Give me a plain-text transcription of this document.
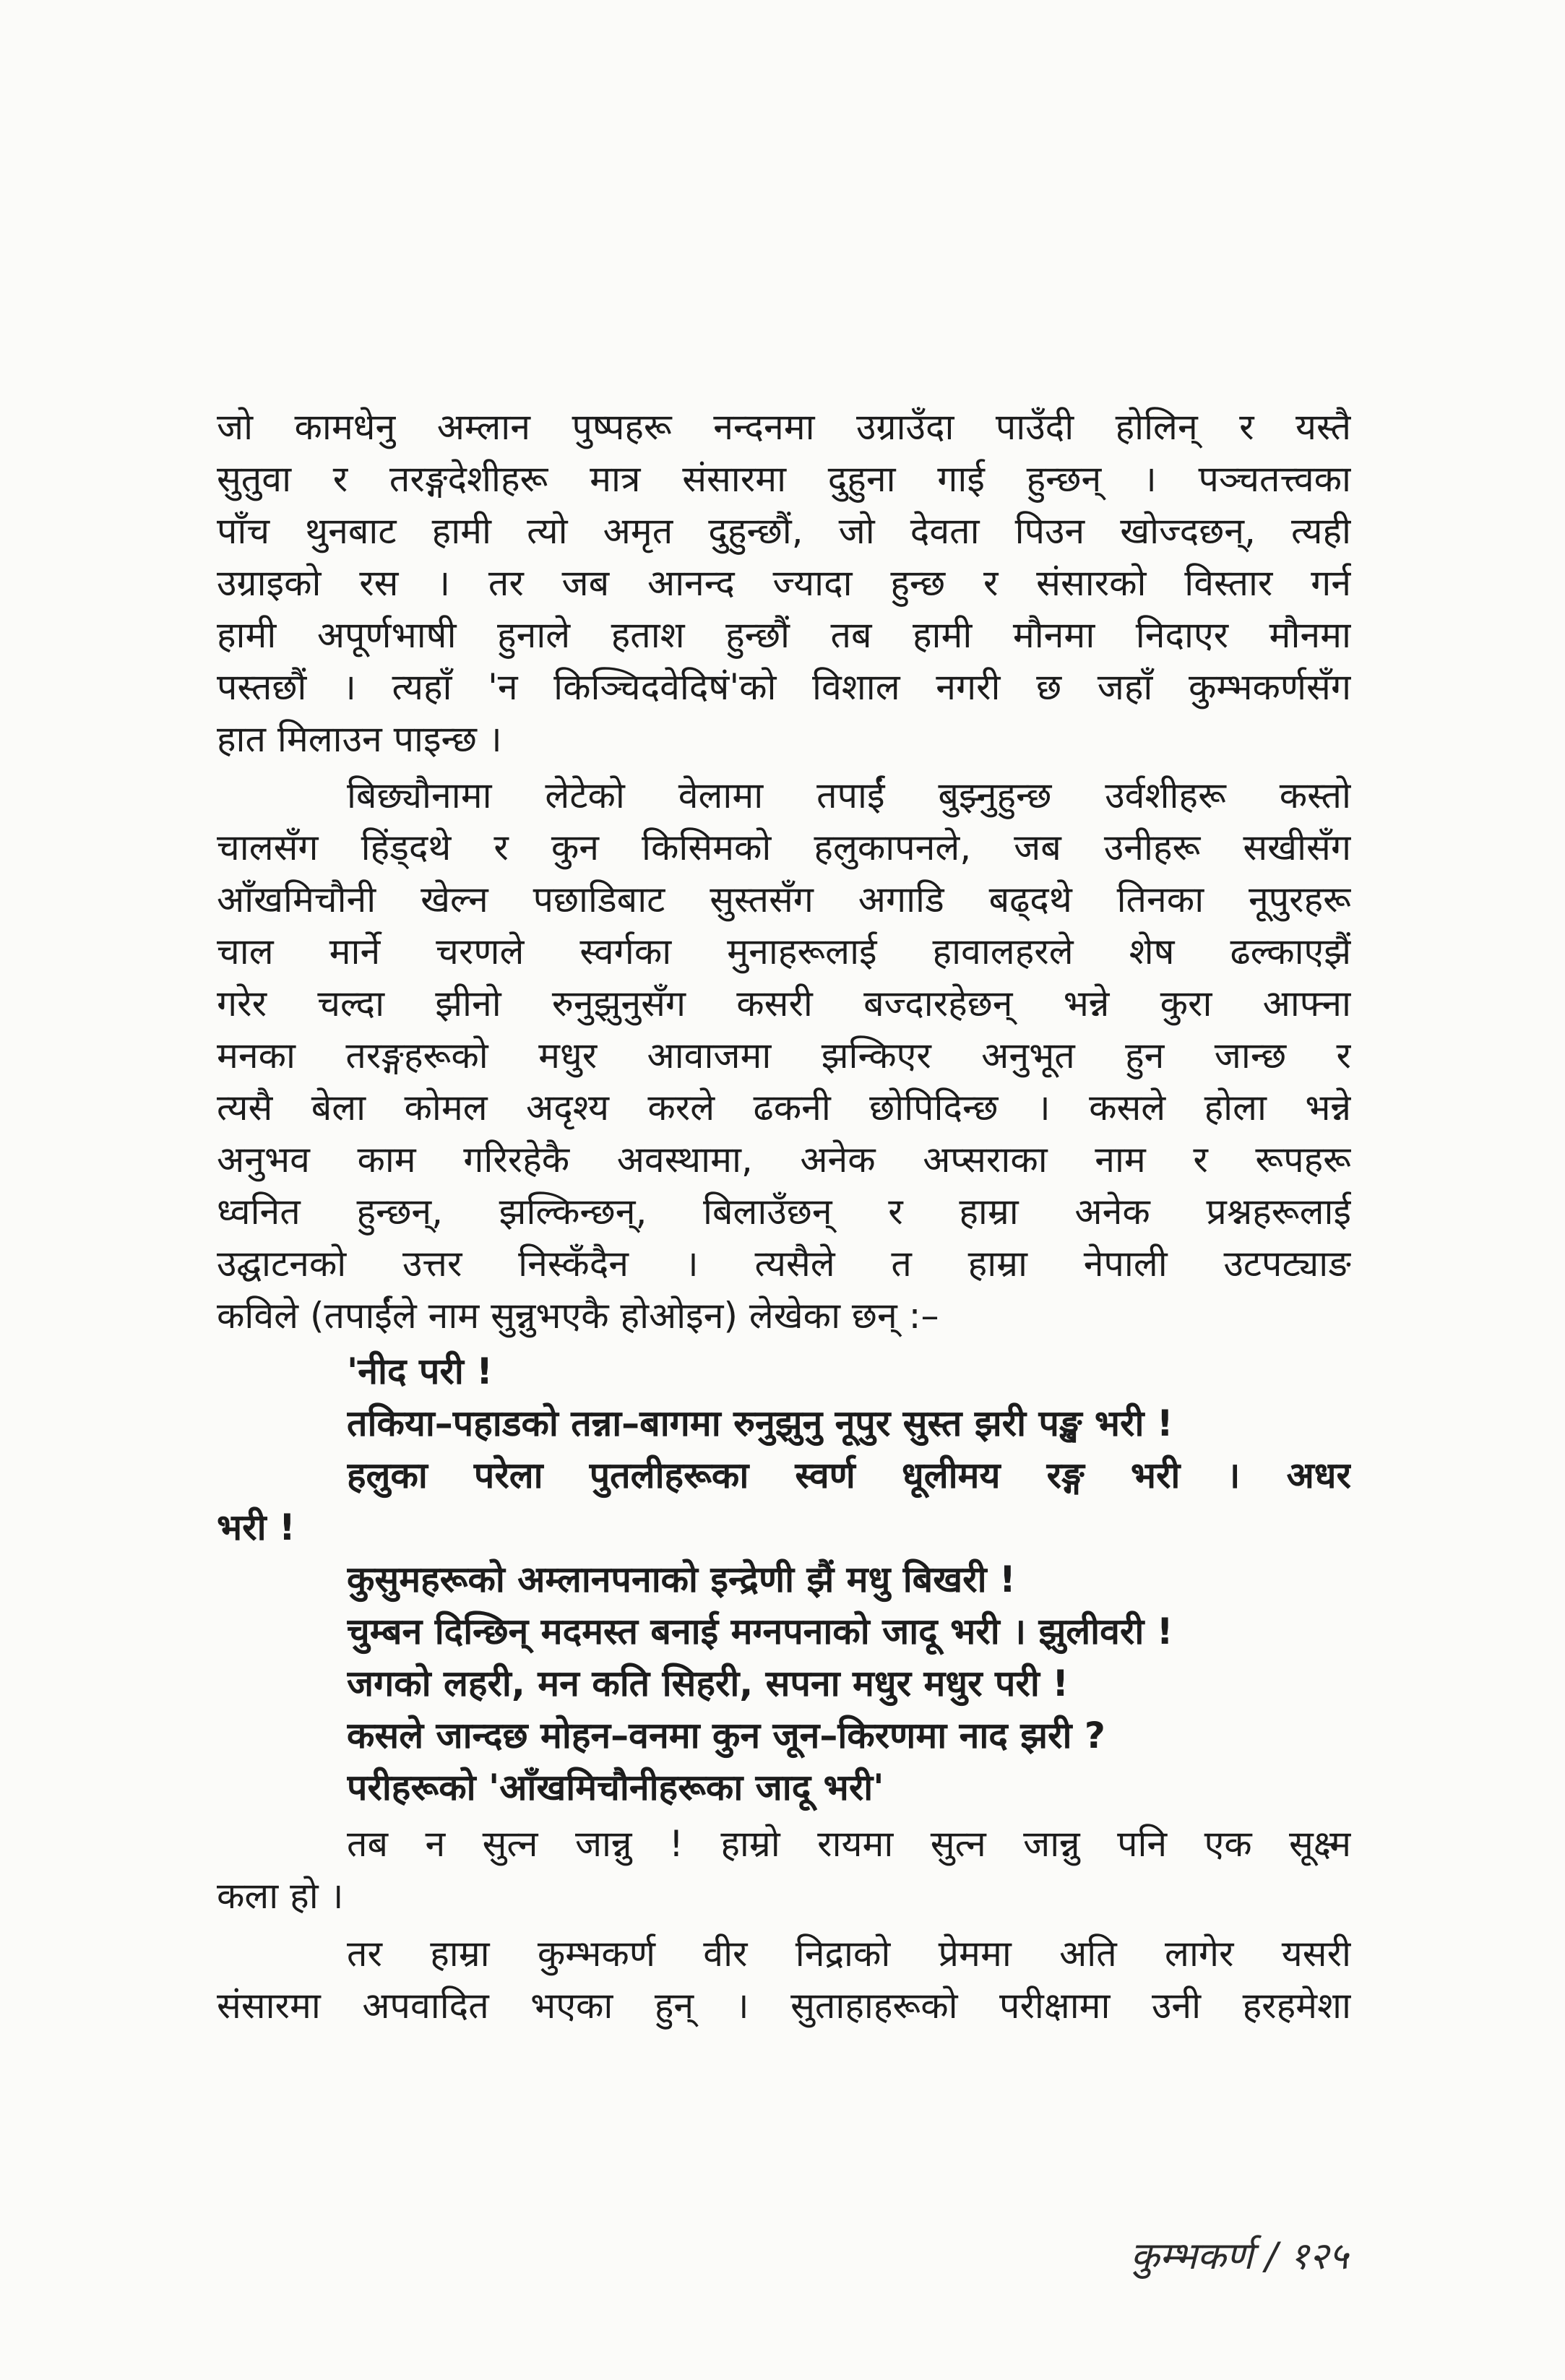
जो कामधेनु अम्लान पुष्पहरू नन्दनमा उग्राउँदा पाउँदी होलिन् र यस्तै
सुतुवा र तरङ्गदेशीहरू मात्र संसारमा दुहुना गाई हुन्छन् । पञ्चतत्त्वका
पाँच थुनबाट हामी त्यो अमृत दुहुन्छौं, जो देवता पिउन खोज्दछन्, त्यही
उग्राइको रस । तर जब आनन्द ज्यादा हुन्छ र संसारको विस्तार गर्न
हामी अपूर्णभाषी हुनाले हताश हुन्छौं तब हामी मौनमा निदाएर मौनमा
पस्तछौं । त्यहाँ 'न किञ्चिदवेदिषं'को विशाल नगरी छ जहाँ कुम्भकर्णसँग
हात मिलाउन पाइन्छ ।
बिछ्यौनामा लेटेको वेलामा तपाईं बुझ्नुहुन्छ उर्वशीहरू कस्तो
चालसँग हिंड्दथे र कुन किसिमको हलुकापनले, जब उनीहरू सखीसँग
आँखमिचौनी खेल्न पछाडिबाट सुस्तसँग अगाडि बढ्दथे तिनका नूपुरहरू
चाल मार्ने चरणले स्वर्गका मुनाहरूलाई हावालहरले शेष ढल्काएझैं
गरेर चल्दा झीनो रुनुझुनुसँग कसरी बज्दारहेछन् भन्ने कुरा आफ्ना
मनका तरङ्गहरूको मधुर आवाजमा झन्किएर अनुभूत हुन जान्छ र
त्यसै बेला कोमल अदृश्य करले ढकनी छोपिदिन्छ । कसले होला भन्ने
अनुभव काम गरिरहेकै अवस्थामा, अनेक अप्सराका नाम र रूपहरू
ध्वनित हुन्छन्, झल्किन्छन्, बिलाउँछन् र हाम्रा अनेक प्रश्नहरूलाई
उद्घाटनको उत्तर निस्कँदैन । त्यसैले त हाम्रा नेपाली उटपट्याङ
कविले (तपाईंले नाम सुन्नुभएकै होओइन) लेखेका छन् :–
'नीद परी !
तकिया–पहाडको तन्ना–बागमा रुनुझुनु नूपुर सुस्त झरी पङ्ख भरी !
हलुका परेला पुतलीहरूका स्वर्ण धूलीमय रङ्ग भरी । अधर
भरी !
कुसुमहरूको अम्लानपनाको इन्द्रेणी झैं मधु बिखरी !
चुम्बन दिन्छिन् मदमस्त बनाई मग्नपनाको जादू भरी । झुलीवरी !
जगको लहरी, मन कति सिहरी, सपना मधुर मधुर परी !
कसले जान्दछ मोहन–वनमा कुन जून–किरणमा नाद झरी ?
परीहरूको 'आँखमिचौनीहरूका जादू भरी'
तब न सुत्न जान्नु ! हाम्रो रायमा सुत्न जान्नु पनि एक सूक्ष्म
कला हो ।
तर हाम्रा कुम्भकर्ण वीर निद्राको प्रेममा अति लागेर यसरी
संसारमा अपवादित भएका हुन् । सुताहाहरूको परीक्षामा उनी हरहमेशा
कुम्भकर्ण / १२५
